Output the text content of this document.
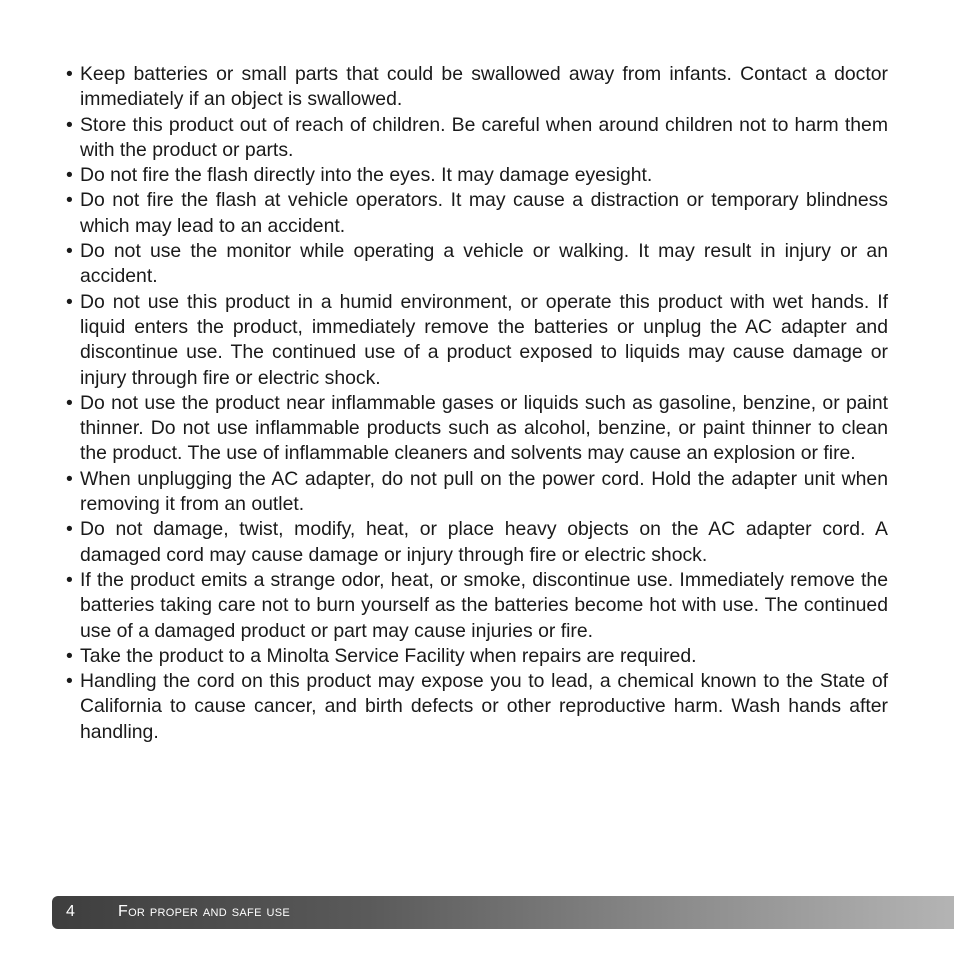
• Keep batteries or small parts that could be swallowed away from infants. Contact a doctor immediately if an object is swallowed.
• Store this product out of reach of children. Be careful when around children not to harm them with the product or parts.
• Do not fire the flash directly into the eyes. It may damage eyesight.
• Do not fire the flash at vehicle operators. It may cause a distraction or temporary blindness which may lead to an accident.
• Do not use the monitor while operating a vehicle or walking. It may result in injury or an accident.
• Do not use this product in a humid environment, or operate this product with wet hands. If liquid enters the product, immediately remove the batteries or unplug the AC adapter and discontinue use. The continued use of a product exposed to liquids may cause damage or injury through fire or electric shock.
• Do not use the product near inflammable gases or liquids such as gasoline, benzine, or paint thinner. Do not use inflammable products such as alcohol, benzine, or paint thinner to clean the product. The use of inflammable cleaners and solvents may cause an explosion or fire.
• When unplugging the AC adapter, do not pull on the power cord. Hold the adapter unit when removing it from an outlet.
• Do not damage, twist, modify, heat, or place heavy objects on the AC adapter cord. A damaged cord may cause damage or injury through fire or electric shock.
• If the product emits a strange odor, heat, or smoke, discontinue use. Immediately remove the batteries taking care not to burn yourself as the batteries become hot with use. The continued use of a damaged product or part may cause injuries or fire.
• Take the product to a Minolta Service Facility when repairs are required.
• Handling the cord on this product may expose you to lead, a chemical known to the State of California to cause cancer, and birth defects or other reproductive harm. Wash hands after handling.
4	For proper and safe use
